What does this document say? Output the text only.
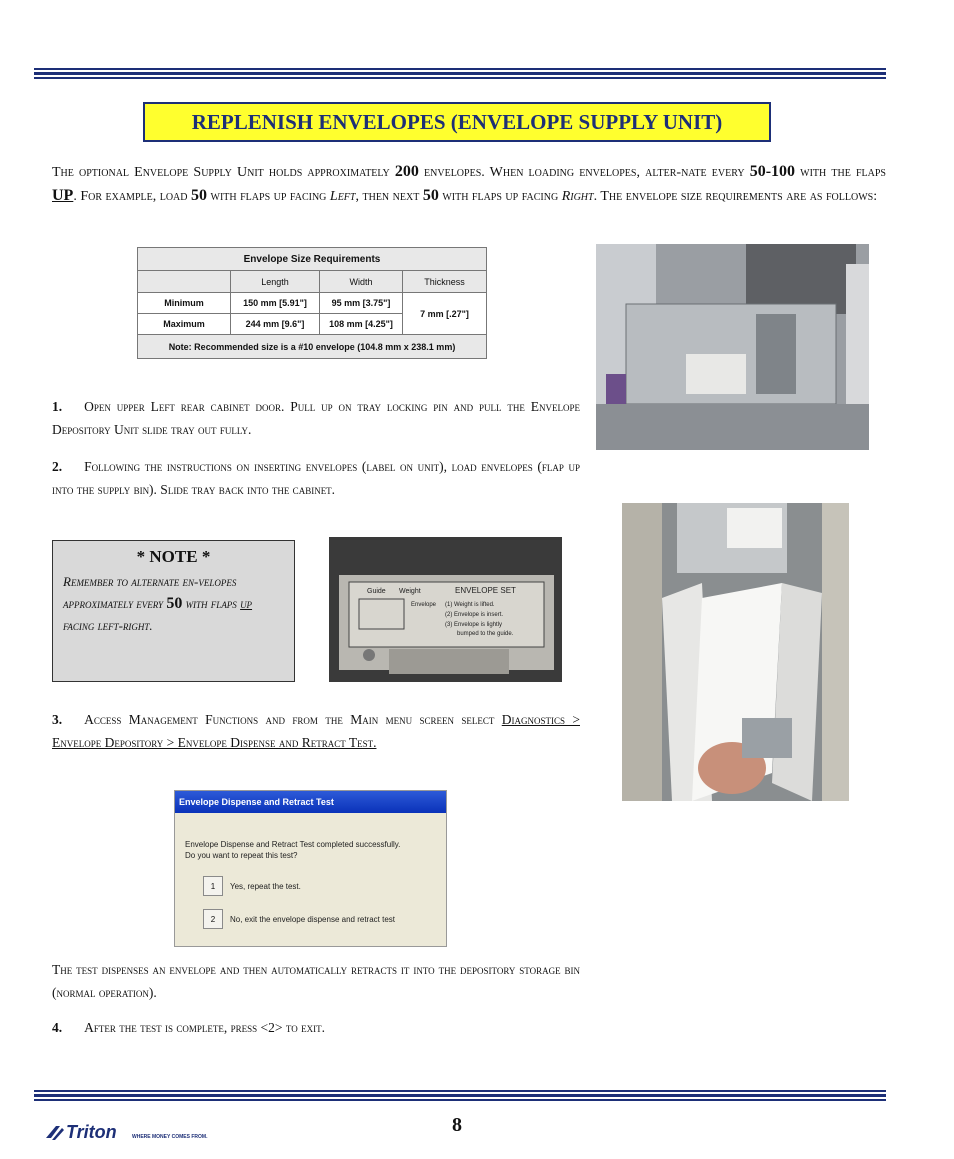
REPLENISH ENVELOPES (ENVELOPE SUPPLY UNIT)
The optional Envelope Supply Unit holds approximately 200 envelopes. When loading envelopes, alter-nate every 50-100 with the flaps UP. For example, load 50 with flaps up facing Left, then next 50 with flaps up facing Right. The envelope size requirements are as follows:
Envelope Size Requirements			
	Length	Width	Thickness
Minimum	150 mm [5.91"]	95 mm [3.75"]	7 mm [.27"]
Maximum	244 mm [9.6"]	108 mm [4.25"]	
Note: Recommended size is a #10 envelope (104.8 mm x 238.1 mm)			
1. Open upper Left rear cabinet door. Pull up on tray locking pin and pull the Envelope Depository Unit slide tray out fully.
2. Following the instructions on inserting envelopes (label on unit), load envelopes (flap up into the supply bin). Slide tray back into the cabinet.
* NOTE *
Remember to alternate en-velopes approximately every 50 with flaps up facing left-right.
Guide Weight	ENVELOPE SET
Envelope (1) Weight is lifted.
(2) Envelope is insert.
(3) Envelope is lightly
bumped to the guide.
3. Access Management Functions and from the Main menu screen select Diagnostics > Envelope Depository > Envelope Dispense and Retract Test.
Envelope Dispense and Retract Test
Envelope Dispense and Retract Test completed successfully.
Do you want to repeat this test?
1	Yes, repeat the test.
2	No, exit the envelope dispense and retract test
The test dispenses an envelope and then automatically retracts it into the depository storage bin (normal operation).
4. After the test is complete, press <2> to exit.
Triton	WHERE MONEY COMES FROM.
8
